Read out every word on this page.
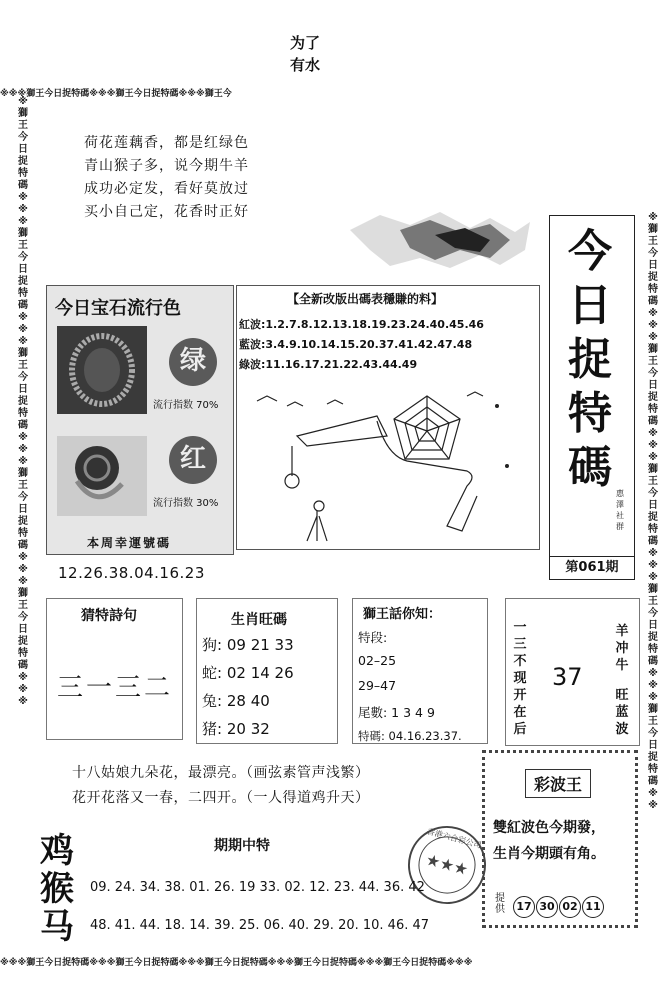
※※※獅王今日捉特碼※※※獅王今日捉特碼※※※獅王今
※※※獅王今日捉特碼※※※獅王今日捉特碼※※※獅王今日捉特碼※※※獅王今日捉特碼※※※獅王今日捉特碼※※※
※獅王今日捉特碼※※※獅王今日捉特碼※※※獅王今日捉特碼※※※獅王今日捉特碼※※※獅王今日捉特碼※※※
※獅王今日捉特碼※※※獅王今日捉特碼※※※獅王今日捉特碼※※※獅王今日捉特碼※※※獅王今日捉特碼※※
为了
有水
荷花莲藕香，都是红绿色
青山猴子多，说今期牛羊
成功必定发，看好莫放过
买小自己定，花香时正好
今日宝石流行色
绿
流行指数 70%
红
流行指数 30%
本周幸運號碼
12.26.38.04.16.23
【全新改版出碼表穩賺的料】
紅波:1.2.7.8.12.13.18.19.23.24.40.45.46
藍波:3.4.9.10.14.15.20.37.41.42.47.48
綠波:11.16.17.21.22.43.44.49
今
日
捉
特
碼
惠 澤 社 群
第061期
猜特詩句
三一三二
生肖旺碼
狗: 09 21 33
蛇: 02 14 26
兔: 28 40
猪: 20 32
獅王話你知：
特段:
02–25
29–47
尾數: 1 3 4 9
特碼: 04.16.23.37.
一三不现开在后
37
羊冲牛
旺蓝波
十八姑娘九朵花，最漂亮。（画弦素管声浅繁）
花开花落又一春，二四开。（一人得道鸡升天）
彩波王
雙紅波色今期發，
生肖今期頭有角。
提供	17 30 02 11
★★★
香港六合彩公司
鸡
猴
马
期期中特
09. 24. 34. 38. 01. 26. 19 33. 02. 12. 23. 44. 36. 42
48. 41. 44. 18. 14. 39. 25. 06. 40. 29. 20. 10. 46. 47
